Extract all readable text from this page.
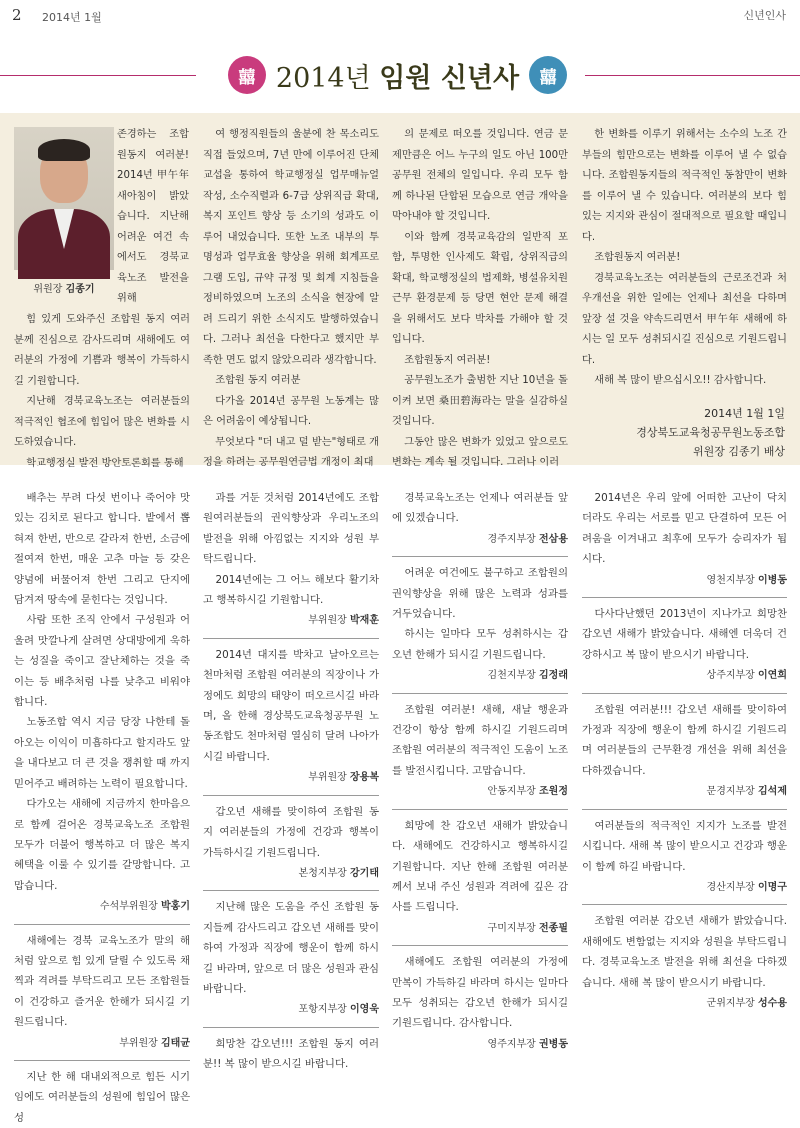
2 2014년 1월	신년인사
囍 2014년 임원 신년사	囍
위원장 김종기

존경하는 조합원동지 여러분! 2014년 甲午年 새아침이 밝았습니다. 지난해 어려운 여건 속에서도 경북교육노조 발전을 위해

힘 있게 도와주신 조합원 동지 여러분께 진심으로 감사드리며 새해에도 여러분의 가정에 기쁨과 행복이 가득하시길 기원합니다.

지난해 경북교육노조는 여러분들의 적극적인 협조에 힘입어 많은 변화를 시도하였습니다.

학교행정실 발전 방안토론회를 통해

여 행정직원들의 울분에 찬 목소리도 직접 들었으며, 7년 만에 이루어진 단체교섭을 통하여 학교행정실 업무매뉴얼 작성, 소수직렬과 6-7급 상위직급 확대, 복지 포인트 향상 등 소기의 성과도 이루어 내었습니다. 또한 노조 내부의 투명성과 업무효율 향상을 위해 회계프로그램 도입, 규약 규정 및 회계 지침들을 정비하였으며 노조의 소식을 현장에 알려 드리기 위한 소식지도 발행하였습니다. 그러나 최선을 다한다고 했지만 부족한 면도 없지 않았으리라 생각합니다.

조합원 동지 여러분

다가올 2014년 공무원 노동계는 많은 어려움이 예상됩니다.

무엇보다 "더 내고 덜 받는"형태로 개정을 하려는 공무원연금법 개정이 최대

의 문제로 떠오를 것입니다. 연금 문제만큼은 어느 누구의 일도 아닌 100만공무원 전체의 일입니다. 우리 모두 함께 하나된 단합된 모습으로 연금 개악을 막아내야 할 것입니다.

이와 함께 경북교육감의 일반직 포함, 투명한 인사제도 확립, 상위직급의 확대, 학교행정실의 법제화, 병설유치원 근무 환경문제 등 당면 현안 문제 해결을 위해서도 보다 박차를 가해야 할 것입니다.

조합원동지 여러분!

공무원노조가 출범한 지난 10년을 돌이켜 보면 桑田碧海라는 말을 실감하실 것입니다.

그동안 많은 변화가 있었고 앞으로도 변화는 계속 될 것입니다. 그러나 이러

한 변화를 이루기 위해서는 소수의 노조 간부들의 힘만으로는 변화를 이루어 낼 수 없습니다. 조합원동지들의 적극적인 동참만이 변화를 이루어 낼 수 있습니다. 여러분의 보다 힘 있는 지지와 관심이 절대적으로 필요할 때입니다.

조합원동지 여러분!

경북교육노조는 여러분들의 근로조건과 처우개선을 위한 일에는 언제나 최선을 다하며 앞장 설 것을 약속드리면서 甲午年 새해에 하시는 일 모두 성취되시길 진심으로 기원드립니다.

새해 복 많이 받으십시오!! 감사합니다.

2014년 1월 1일
경상북도교육청공무원노동조합
위원장 김종기 배상

배추는 무려 다섯 번이나 죽어야 맛있는 김치로 된다고 합니다. 밭에서 뽑혀져 한번, 반으로 갈라져 한번, 소금에 절여져 한번, 매운 고추 마늘 등 갖은 양념에 버물어져 한번 그리고 단지에 담겨져 땅속에 묻힌다는 것입니다.

사람 또한 조직 안에서 구성원과 어울려 맛깔나게 살려면 상대방에게 욱하는 성질을 죽이고 잘난체하는 것을 죽이는 등 배추처럼 나를 낮추고 비워야 합니다.

노동조합 역시 지금 당장 나한테 돌아오는 이익이 미흡하다고 할지라도 앞을 내다보고 더 큰 것을 쟁취할 때 까지 믿어주고 배려하는 노력이 필요합니다.

다가오는 새해에 지금까지 한마음으로 함께 걸어온 경북교육노조 조합원 모두가 더불어 행복하고 더 많은 복지 혜택을 이룰 수 있기를 갈망합니다. 고맙습니다.

수석부위원장 박홍기

새해에는 경북 교육노조가 말의 해처럼 앞으로 힘 있게 달릴 수 있도록 채찍과 격려를 부탁드리고 모든 조합원들이 건강하고 즐거운 한해가 되시길 기원드립니다.

부위원장 김태균

지난 한 해 대내외적으로 힘든 시기임에도 여러분들의 성원에 힘입어 많은 성

과를 거둔 것처럼 2014년에도 조합원여러분들의 권익향상과 우리노조의 발전을 위해 아낌없는 지지와 성원 부탁드립니다.

2014년에는 그 어느 해보다 활기차고 행복하시길 기원합니다.

부위원장 박재훈

2014년 대지를 박차고 날아오르는 천마처럼 조합원 여러분의 직장이나 가정에도 희망의 태양이 떠오르시길 바라며, 올 한해 경상북도교육청공무원 노동조합도 천마처럼 열심히 달려 나아가시길 바랍니다.

부위원장 장용복

갑오년 새해를 맞이하여 조합원 동지 여러분들의 가정에 건강과 행복이 가득하시길 기원드립니다.

본청지부장 강기태

지난해 많은 도움을 주신 조합원 동지들께 감사드리고 갑오년 새해를 맞이하여 가정과 직장에 행운이 함께 하시길 바라며, 앞으로 더 많은 성원과 관심 바랍니다.

포항지부장 이영욱

희망찬 갑오년!!! 조합원 동지 여러분!! 복 많이 받으시길 바랍니다.

경북교육노조는 언제나 여러분들 앞에 있겠습니다.

경주지부장 전삼용

어려운 여건에도 불구하고 조합원의 권익향상을 위해 많은 노력과 성과를 거두었습니다.

하시는 일마다 모두 성취하시는 갑오년 한해가 되시길 기원드립니다.

김천지부장 김정래

조합원 여러분! 새해, 새날 행운과 건강이 항상 함께 하시길 기원드리며 조합원 여러분의 적극적인 도움이 노조를 발전시킵니다. 고맙습니다.

안동지부장 조원정

희망에 찬 갑오년 새해가 밝았습니다. 새해에도 건강하시고 행복하시길 기원합니다. 지난 한해 조합원 여러분께서 보내 주신 성원과 격려에 깊은 감사를 드립니다.

구미지부장 전종필

새해에도 조합원 여러분의 가정에 만복이 가득하길 바라며 하시는 일마다 모두 성취되는 갑오년 한해가 되시길 기원드립니다. 감사합니다.

영주지부장 권병동

2014년은 우리 앞에 어떠한 고난이 닥치더라도 우리는 서로를 믿고 단결하여 모든 어려움을 이겨내고 최후에 모두가 승리자가 됩시다.

영천지부장 이병동

다사다난했던 2013년이 지나가고 희망찬 갑오년 새해가 밝았습니다. 새해엔 더욱더 건강하시고 복 많이 받으시기 바랍니다.

상주지부장 이연희

조합원 여러분!!! 갑오년 새해를 맞이하여 가정과 직장에 행운이 함께 하시길 기원드리며 여러분들의 근무환경 개선을 위해 최선을 다하겠습니다.

문경지부장 김석제

여러분들의 적극적인 지지가 노조를 발전시킵니다. 새해 복 많이 받으시고 건강과 행운이 함께 하길 바랍니다.

경산지부장 이명구

조합원 여러분 갑오년 새해가 밝았습니다. 새해에도 변함없는 지지와 성원을 부탁드립니다. 경북교육노조 발전을 위해 최선을 다하겠습니다. 새해 복 많이 받으시기 바랍니다.

군위지부장 성수용
